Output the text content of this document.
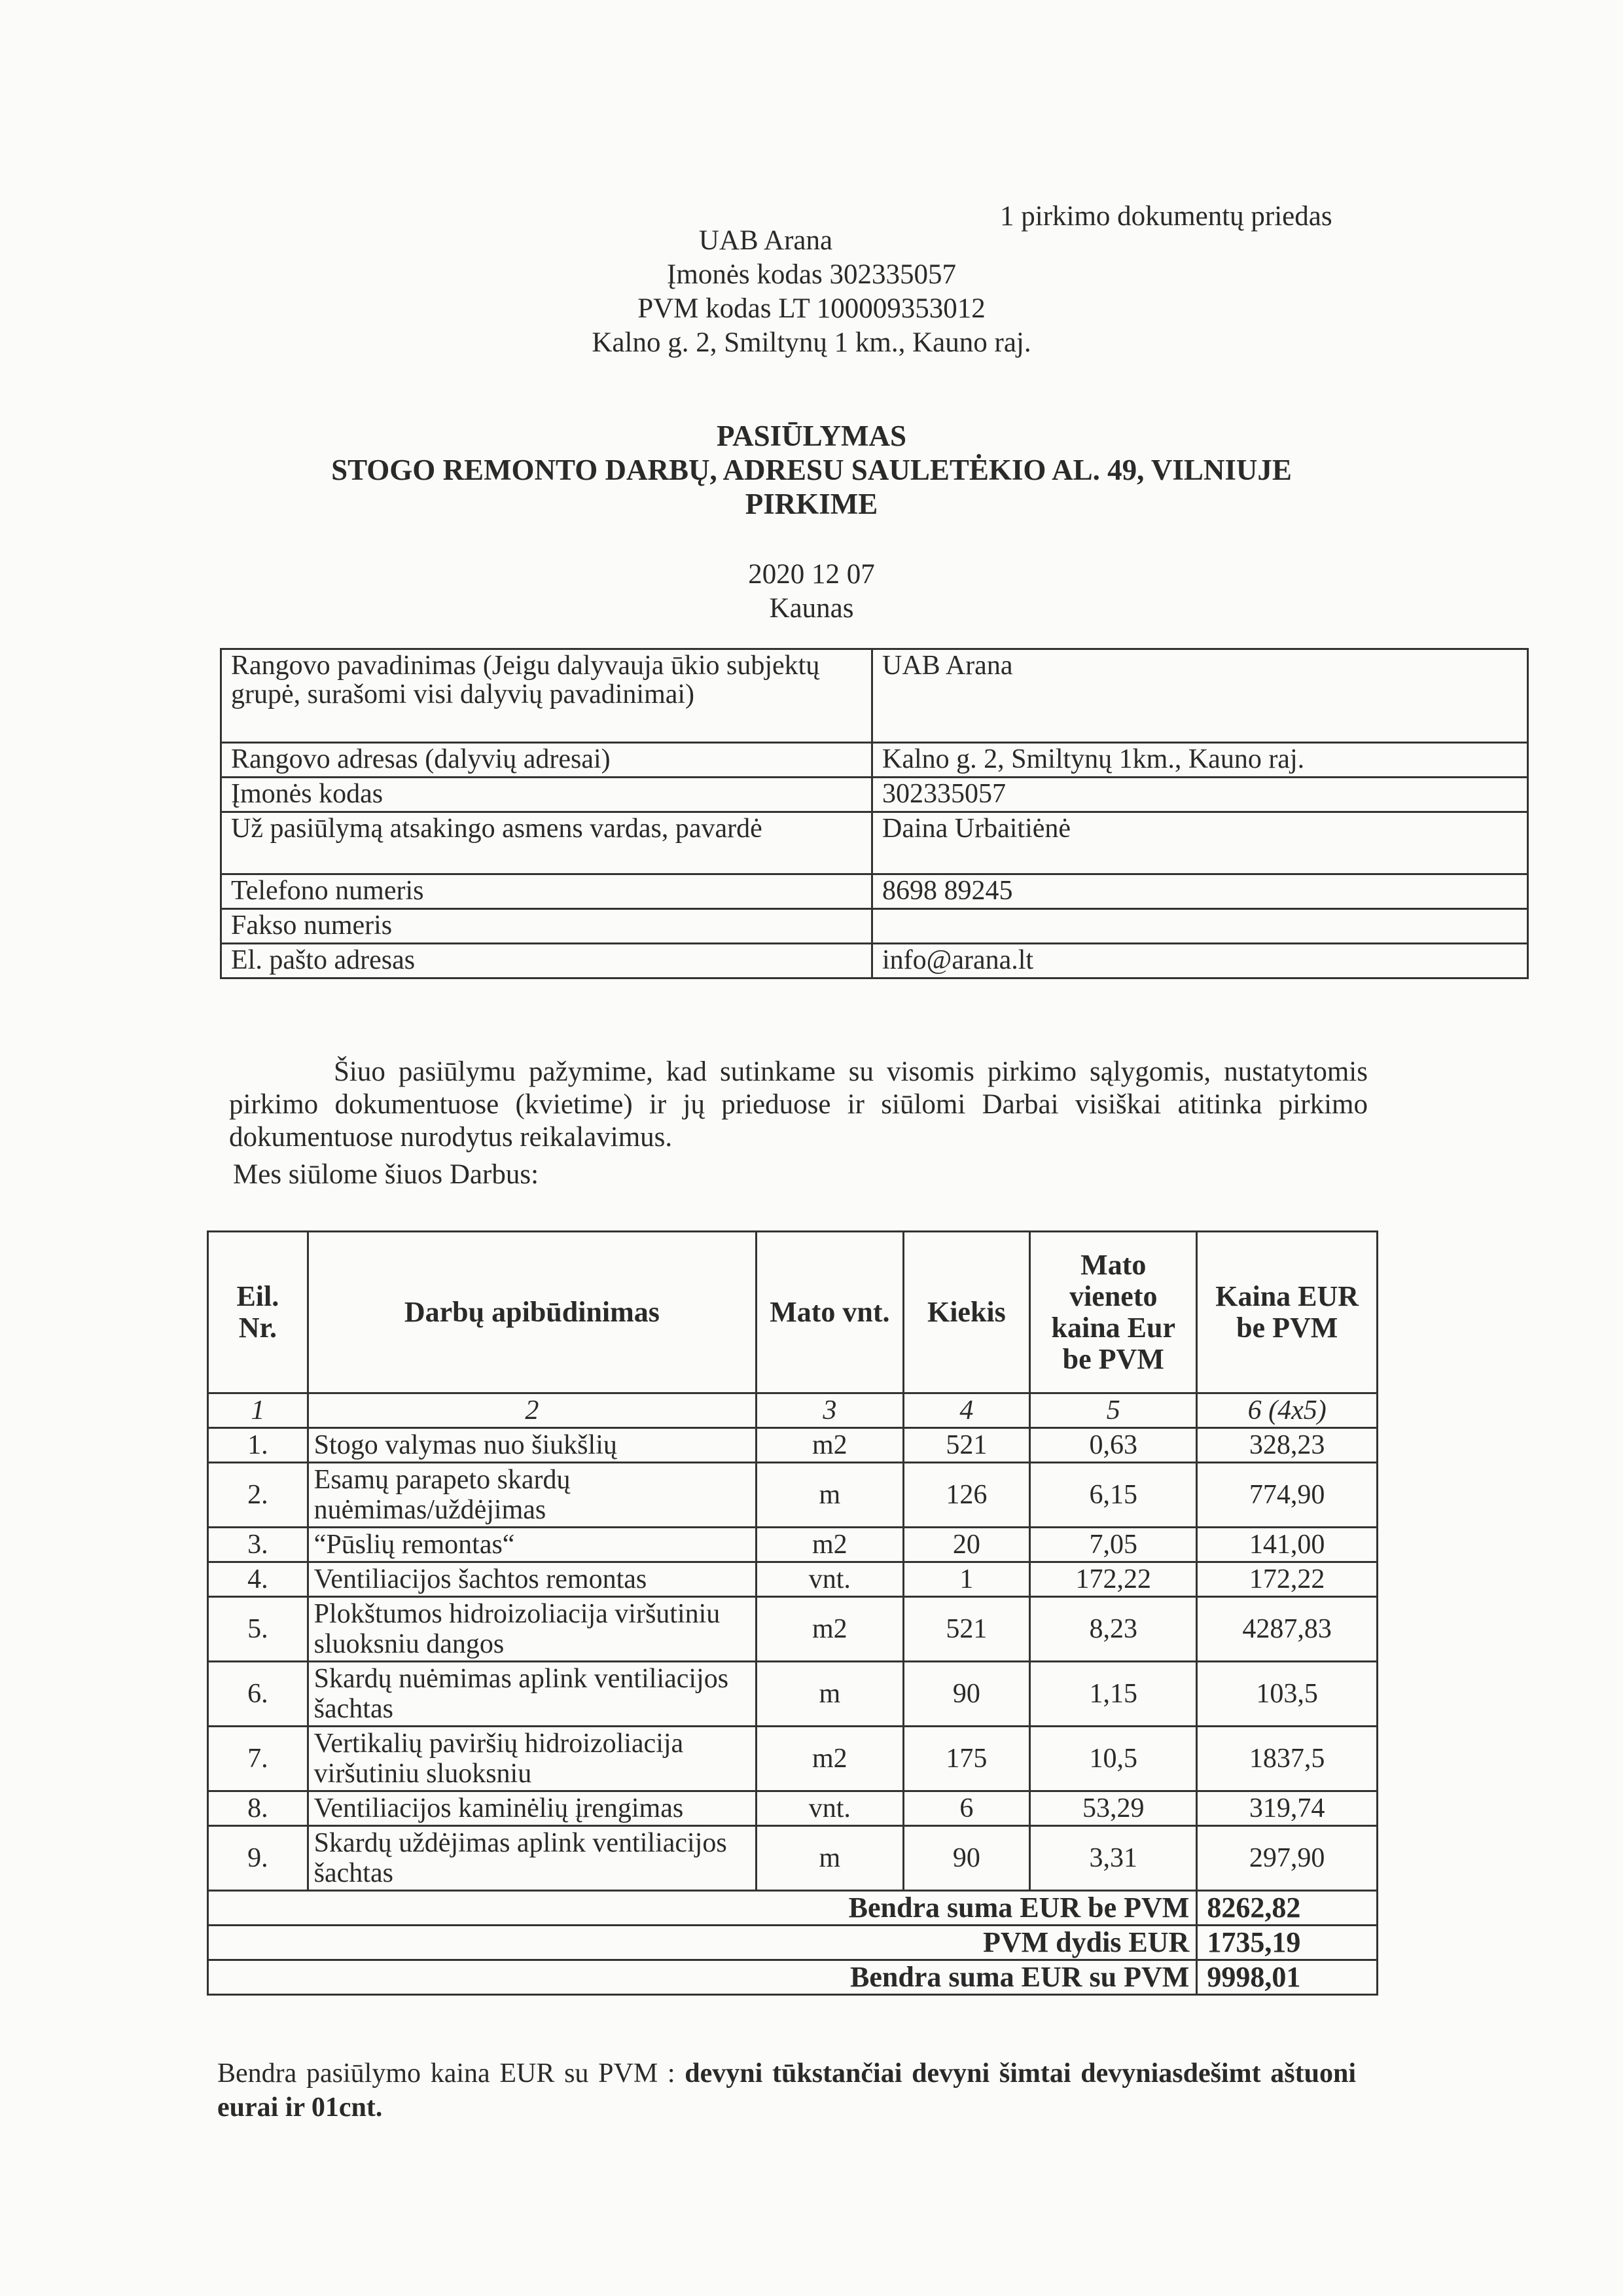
1 pirkimo dokumentų priedas
UAB Arana
Įmonės kodas 302335057
PVM kodas LT 100009353012
Kalno g. 2, Smiltynų 1 km., Kauno raj.
PASIŪLYMAS
STOGO REMONTO DARBŲ, ADRESU SAULETĖKIO AL. 49, VILNIUJE
PIRKIME
2020 12 07
Kaunas
Rangovo pavadinimas (Jeigu dalyvauja ūkio subjektų grupė, surašomi visi dalyvių pavadinimai)	UAB Arana
Rangovo adresas (dalyvių adresai)	Kalno g. 2, Smiltynų 1km., Kauno raj.
Įmonės kodas	302335057
Už pasiūlymą atsakingo asmens vardas, pavardė	Daina Urbaitiėnė
Telefono numeris	8698 89245
Fakso numeris	
El. pašto adresas	info@arana.lt

Šiuo pasiūlymu pažymime, kad sutinkame su visomis pirkimo sąlygomis, nustatytomis pirkimo dokumentuose (kvietime) ir jų prieduose ir siūlomi Darbai visiškai atitinka pirkimo dokumentuose nurodytus reikalavimus.

Mes siūlome šiuos Darbus:
Eil. Nr.	Darbų apibūdinimas	Mato vnt.	Kiekis	Mato vieneto kaina Eur be PVM	Kaina EUR be PVM
1	2	3	4	5	6 (4x5)
1.	Stogo valymas nuo šiukšlių	m2	521	0,63	328,23
2.	Esamų parapeto skardų nuėmimas/uždėjimas	m	126	6,15	774,90
3.	“Pūslių remontas“	m2	20	7,05	141,00
4.	Ventiliacijos šachtos remontas	vnt.	1	172,22	172,22
5.	Plokštumos hidroizoliacija viršutiniu sluoksniu dangos	m2	521	8,23	4287,83
6.	Skardų nuėmimas aplink ventiliacijos šachtas	m	90	1,15	103,5
7.	Vertikalių paviršių hidroizoliacija viršutiniu sluoksniu	m2	175	10,5	1837,5
8.	Ventiliacijos kaminėlių įrengimas	vnt.	6	53,29	319,74
9.	Skardų uždėjimas aplink ventiliacijos šachtas	m	90	3,31	297,90
Bendra suma EUR be PVM					8262,82
PVM dydis EUR					1735,19
Bendra suma EUR su PVM					9998,01

Bendra pasiūlymo kaina EUR su PVM : devyni tūkstančiai devyni šimtai devyniasdešimt aštuoni eurai ir 01cnt.
